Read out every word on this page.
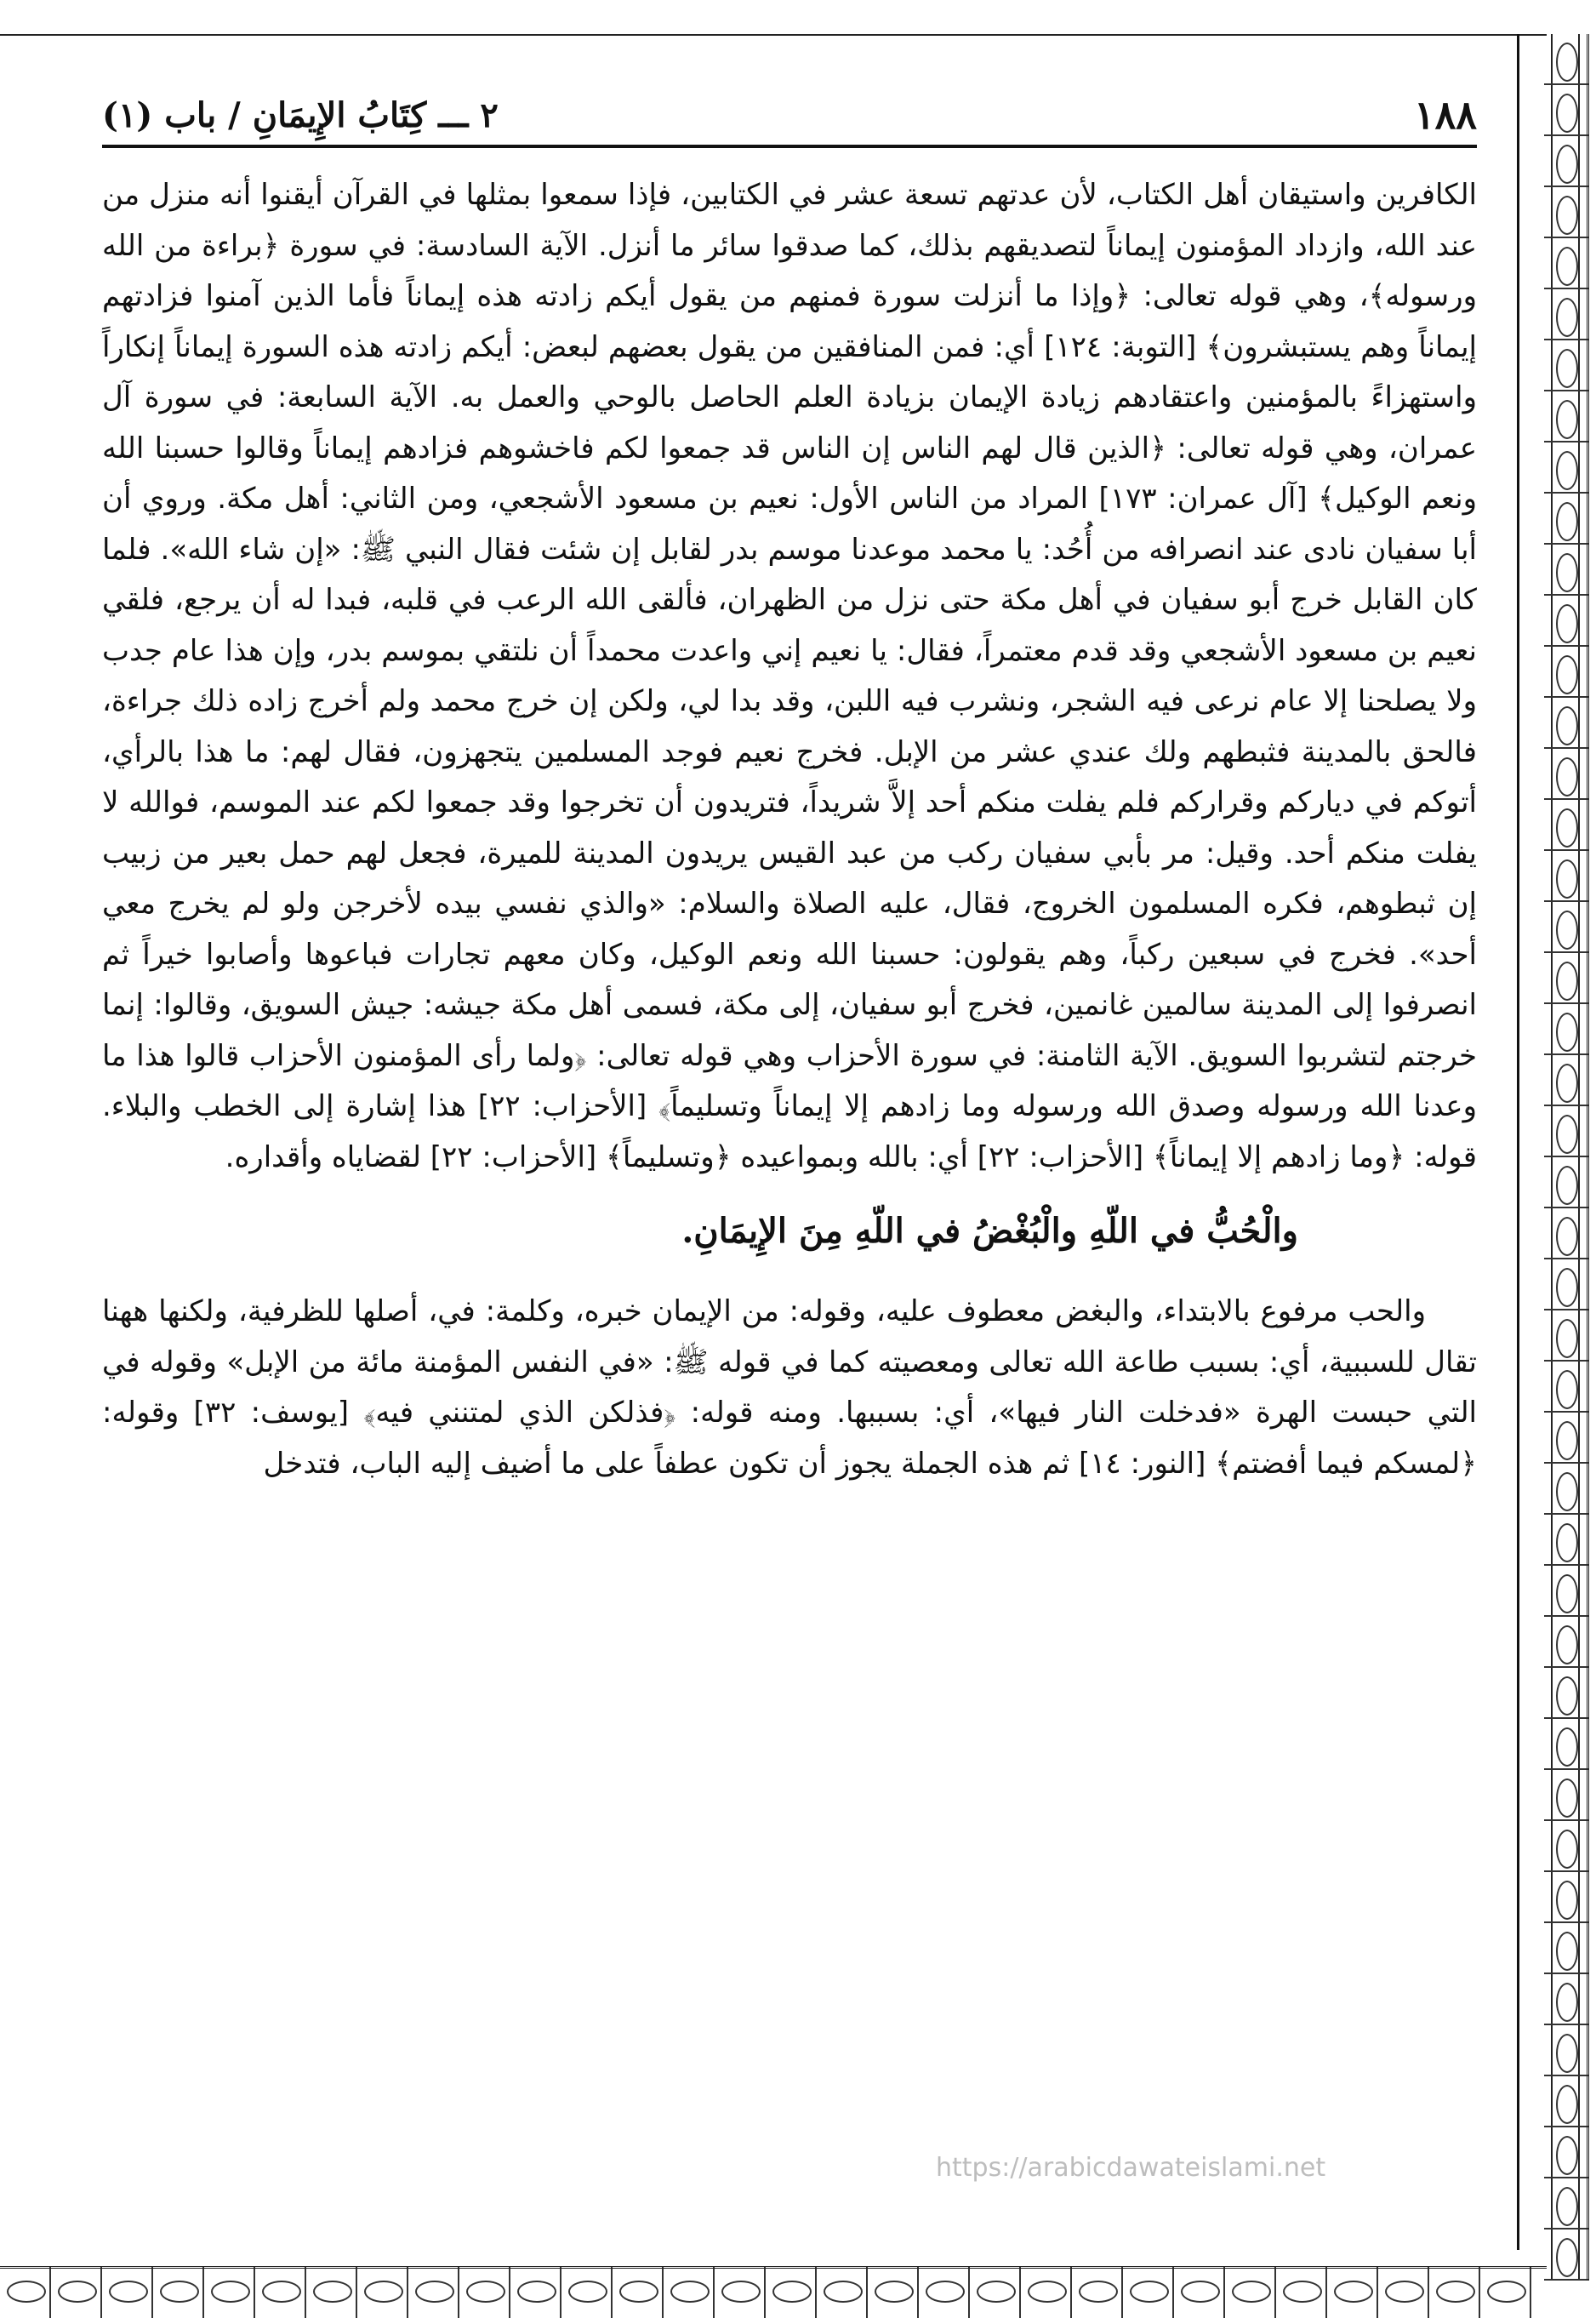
٢ ـــ كِتَابُ الإِيمَانِ / باب (١)	١٨٨

الكافرين واستيقان أهل الكتاب، لأن عدتهم تسعة عشر في الكتابين، فإذا سمعوا بمثلها في القرآن أيقنوا أنه منزل من عند الله، وازداد المؤمنون إيماناً لتصديقهم بذلك، كما صدقوا سائر ما أنزل. الآية السادسة: في سورة ﴿براءة من الله ورسوله﴾، وهي قوله تعالى: ﴿وإذا ما أنزلت سورة فمنهم من يقول أيكم زادته هذه إيماناً فأما الذين آمنوا فزادتهم إيماناً وهم يستبشرون﴾ [التوبة: ١٢٤] أي: فمن المنافقين من يقول بعضهم لبعض: أيكم زادته هذه السورة إيماناً إنكاراً واستهزاءً بالمؤمنين واعتقادهم زيادة الإيمان بزيادة العلم الحاصل بالوحي والعمل به. الآية السابعة: في سورة آل عمران، وهي قوله تعالى: ﴿الذين قال لهم الناس إن الناس قد جمعوا لكم فاخشوهم فزادهم إيماناً وقالوا حسبنا الله ونعم الوكيل﴾ [آل عمران: ١٧٣] المراد من الناس الأول: نعيم بن مسعود الأشجعي، ومن الثاني: أهل مكة. وروي أن أبا سفيان نادى عند انصرافه من أُحُد: يا محمد موعدنا موسم بدر لقابل إن شئت فقال النبي ﷺ: «إن شاء الله». فلما كان القابل خرج أبو سفيان في أهل مكة حتى نزل من الظهران، فألقى الله الرعب في قلبه، فبدا له أن يرجع، فلقي نعيم بن مسعود الأشجعي وقد قدم معتمراً، فقال: يا نعيم إني واعدت محمداً أن نلتقي بموسم بدر، وإن هذا عام جدب ولا يصلحنا إلا عام نرعى فيه الشجر، ونشرب فيه اللبن، وقد بدا لي، ولكن إن خرج محمد ولم أخرج زاده ذلك جراءة، فالحق بالمدينة فثبطهم ولك عندي عشر من الإبل. فخرج نعيم فوجد المسلمين يتجهزون، فقال لهم: ما هذا بالرأي، أتوكم في دياركم وقراركم فلم يفلت منكم أحد إلاَّ شريداً، فتريدون أن تخرجوا وقد جمعوا لكم عند الموسم، فوالله لا يفلت منكم أحد. وقيل: مر بأبي سفيان ركب من عبد القيس يريدون المدينة للميرة، فجعل لهم حمل بعير من زبيب إن ثبطوهم، فكره المسلمون الخروج، فقال، عليه الصلاة والسلام: «والذي نفسي بيده لأخرجن ولو لم يخرج معي أحد». فخرج في سبعين ركباً، وهم يقولون: حسبنا الله ونعم الوكيل، وكان معهم تجارات فباعوها وأصابوا خيراً ثم انصرفوا إلى المدينة سالمين غانمين، فخرج أبو سفيان، إلى مكة، فسمى أهل مكة جيشه: جيش السويق، وقالوا: إنما خرجتم لتشربوا السويق. الآية الثامنة: في سورة الأحزاب وهي قوله تعالى: ﴿ولما رأى المؤمنون الأحزاب قالوا هذا ما وعدنا الله ورسوله وصدق الله ورسوله وما زادهم إلا إيماناً وتسليماً﴾ [الأحزاب: ٢٢] هذا إشارة إلى الخطب والبلاء. قوله: ﴿وما زادهم إلا إيماناً﴾ [الأحزاب: ٢٢] أي: بالله وبمواعيده ﴿وتسليماً﴾ [الأحزاب: ٢٢] لقضاياه وأقداره.

والْحُبُّ في اللّهِ والْبُغْضُ في اللّهِ مِنَ الإِيمَانِ.

والحب مرفوع بالابتداء، والبغض معطوف عليه، وقوله: من الإيمان خبره، وكلمة: في، أصلها للظرفية، ولكنها ههنا تقال للسببية، أي: بسبب طاعة الله تعالى ومعصيته كما في قوله ﷺ: «في النفس المؤمنة مائة من الإبل» وقوله في التي حبست الهرة «فدخلت النار فيها»، أي: بسببها. ومنه قوله: ﴿فذلكن الذي لمتنني فيه﴾ [يوسف: ٣٢] وقوله: ﴿لمسكم فيما أفضتم﴾ [النور: ١٤] ثم هذه الجملة يجوز أن تكون عطفاً على ما أضيف إليه الباب، فتدخل

https://arabicdawateislami.net
